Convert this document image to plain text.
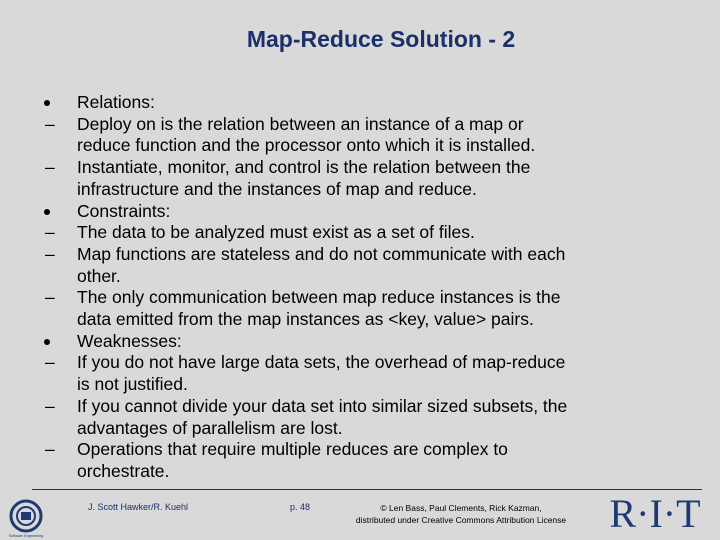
Map-Reduce Solution - 2
Relations:
– Deploy on is the relation between an instance of a map or
reduce function and the processor onto which it is installed.
– Instantiate, monitor, and control is the relation between the
infrastructure and the instances of map and reduce.
Constraints:
– The data to be analyzed must exist as a set of files.
– Map functions are stateless and do not communicate with each
other.
– The only communication between map reduce instances is the
data emitted from the map instances as <key, value> pairs.
Weaknesses:
– If you do not have large data sets, the overhead of map-reduce
is not justified.
– If you cannot divide your data set into similar sized subsets, the
advantages of parallelism are lost.
– Operations that require multiple reduces are complex to
orchestrate.
Software Engineering
J. Scott Hawker/R. Kuehl	p. 48	© Len Bass, Paul Clements, Rick Kazman,
distributed under Creative Commons Attribution License	R·I·T
